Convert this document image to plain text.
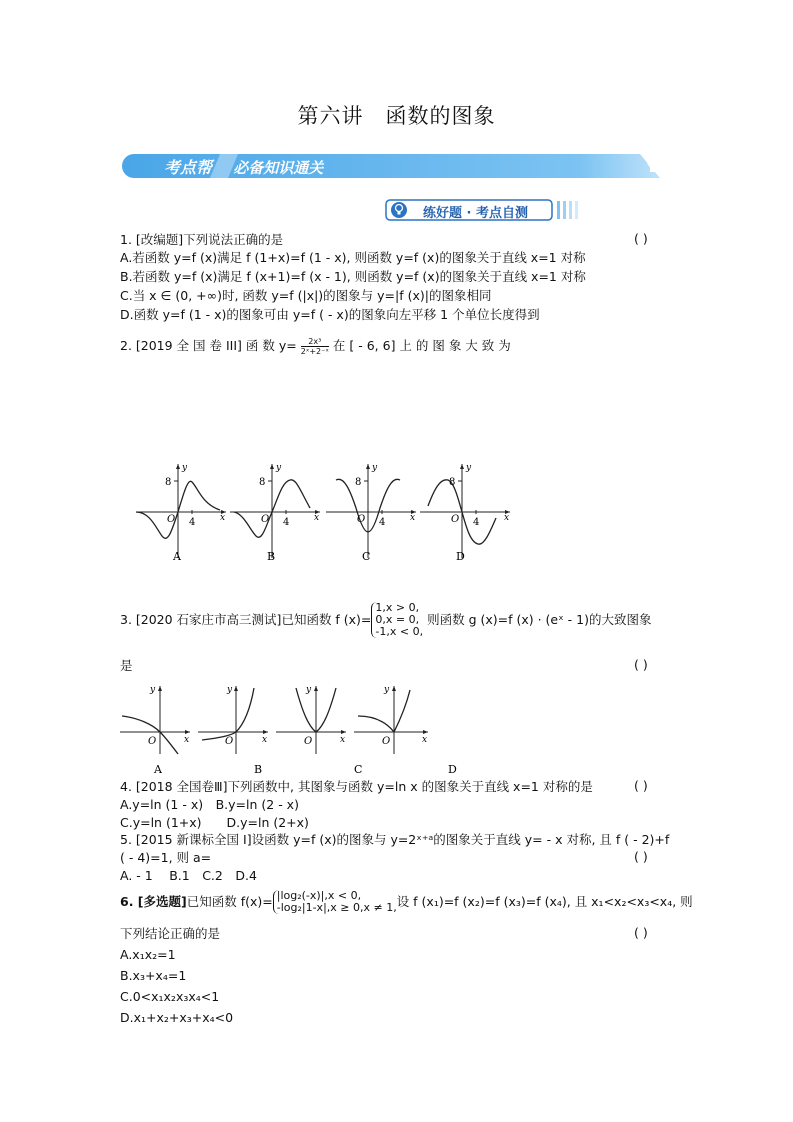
第六讲　函数的图象
考点帮 必备知识通关
练好题 · 考点自测
1. [改编题]下列说法正确的是	( )
A.若函数 y=f (x)满足 f (1+x)=f (1 - x), 则函数 y=f (x)的图象关于直线 x=1 对称
B.若函数 y=f (x)满足 f (x+1)=f (x - 1), 则函数 y=f (x)的图象关于直线 x=1 对称
C.当 x ∈ (0, +∞)时, 函数 y=f (|x|)的图象与 y=|f (x)|的图象相同
D.函数 y=f (1 - x)的图象可由 y=f ( - x)的图象向左平移 1 个单位长度得到
2. [2019 全 国 卷 III] 函 数 $y= \frac{\text{2x³}}{\text{2ˣ+2⁻ˣ}}$ 在 [ - 6, 6] 上 的 图 象 大 致 为
8
4
O	x
y
8
4
O	x
y
8
4
O	x
y
8
4
O	x
y
A	B	C	D
3. [2020 石家庄市高三测试]已知函数 f (x)=
1,x > 0,
0,x = 0,
-1,x < 0,
则函数 g (x)=f (x) · (eˣ - 1)的大致图象
是	( )
O	x
y
O	x
y
O	x
y
O	x
y
A	B	C	D
4. [2018 全国卷Ⅲ]下列函数中, 其图象与函数 y=ln x 的图象关于直线 x=1 对称的是	( )
A.y=ln (1 - x)　B.y=ln (2 - x)
C.y=ln (1+x)　　D.y=ln (2+x)
5. [2015 新课标全国 Ⅰ]设函数 y=f (x)的图象与 y=2ˣ⁺ᵃ的图象关于直线 y= - x 对称, 且 f ( - 2)+f
( - 4)=1, 则 a=	( )
A. - 1　 B.1　C.2　D.4
6. [多选题]已知函数 f(x)= |log₂(-x)|,x < 0,
-log₂|1-x|,x ≥ 0,x ≠ 1, 设 f (x₁)=f (x₂)=f (x₃)=f (x₄), 且 x₁<x₂<x₃<x₄, 则
下列结论正确的是	( )
A.x₁x₂=1
B.x₃+x₄=1
C.0<x₁x₂x₃x₄<1
D.x₁+x₂+x₃+x₄<0
